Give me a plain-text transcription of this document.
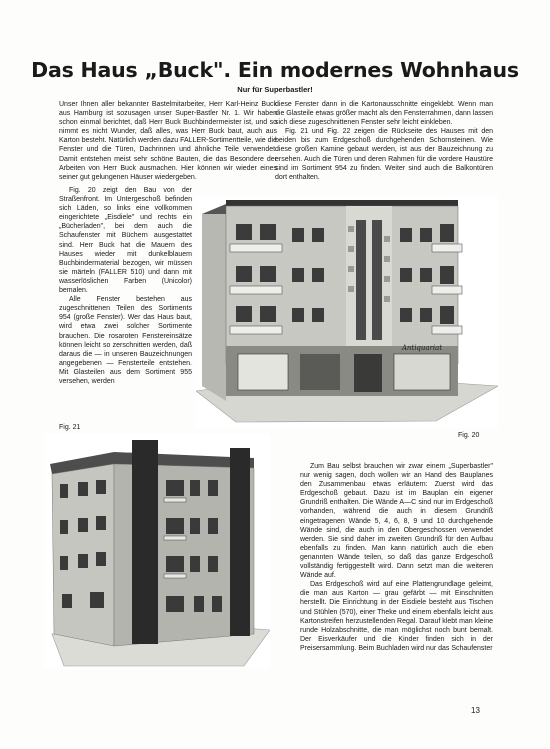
Das Haus „Buck". Ein modernes Wohnhaus
Nur für Superbastler!

Unser Ihnen aller bekannter Bastelmitarbeiter, Herr Karl-Heinz Buck aus Hamburg ist sozusagen unser Super-Bastler Nr. 1. Wir haben schon einmal berichtet, daß Herr Buck Buchbindermeister ist, und so nimmt es nicht Wunder, daß alles, was Herr Buck baut, auch aus Karton besteht. Natürlich werden dazu FALLER-Sortimentteile, wie die Fenster und die Türen, Dachrinnen und ähnliche Teile verwendet. Damit entstehen meist sehr schöne Bauten, die das Besondere der Arbeiten von Herr Buck ausmachen. Hier können wir wieder eines seiner gut gelungenen Häuser wiedergeben.

Fig. 20 zeigt den Bau von der Straßenfront. Im Untergeschoß befinden sich Läden, so links eine vollkommen eingerichtete „Eisdiele" und rechts ein „Bücherladen", bei dem auch die Schaufenster mit Büchern ausgestattet sind. Herr Buck hat die Mauern des Hauses wieder mit dunkelblauem Buchbindermaterial bezogen, wir müssen sie märteln (FALLER 510) und dann mit wasserlöslichen Farben (Unicolor) bemalen.

Alle Fenster bestehen aus zugeschnittenen Teilen des Sortiments 954 (große Fenster). Wer das Haus baut, wird etwa zwei solcher Sortimente brauchen. Die rosaroten Fenstereinsätze können leicht so zerschnitten werden, daß daraus die — in unseren Bauzeichnungen angegebenen — Fensterteile entstehen. Mit Glasteilen aus dem Sortiment 955 versehen, werden

diese Fenster dann in die Kartonausschnitte eingeklebt. Wenn man die Glasteile etwas größer macht als den Fensterrahmen, dann lassen sich diese zugeschnittenen Fenster sehr leicht einkleben.

Fig. 21 und Fig. 22 zeigen die Rückseite des Hauses mit den beiden bis zum Erdgeschoß durchgehenden Schornsteinen. Wie diese großen Kamine gebaut werden, ist aus der Bauzeichnung zu ersehen. Auch die Türen und deren Rahmen für die vordere Haustüre sind im Sortiment 954 zu finden. Weiter sind auch die Balkontüren dort enthalten.

Antiquariat
Fig. 20
Fig. 21

Zum Bau selbst brauchen wir zwar einem „Superbastler" nur wenig sagen, doch wollen wir an Hand des Bauplanes den Zusammenbau etwas erläutern: Zuerst wird das Erdgeschoß gebaut. Dazu ist im Bauplan ein eigener Grundriß enthalten. Die Wände A—C sind nur im Erdgeschoß vorhanden, während die auch in diesem Grundriß eingetragenen Wände 5, 4, 6, 8, 9 und 10 durchgehende Wände sind, die auch in den Obergeschossen verwendet werden. Sie sind daher im zweiten Grundriß für den Aufbau ebenfalls zu finden. Man kann natürlich auch die eben genannten Wände teilen, so daß das ganze Erdgeschoß vollständig fertiggestellt wird. Dann setzt man die weiteren Wände auf.

Das Erdgeschoß wird auf eine Plattengrundlage geleimt, die man aus Karton — grau gefärbt — mit Einschnitten herstellt. Die Einrichtung in der Eisdiele besteht aus Tischen und Stühlen (570), einer Theke und einem ebenfalls leicht aus Kartonstreifen herzustellenden Regal. Darauf klebt man kleine runde Holzabschnitte, die man möglichst noch bunt bemalt. Der Eisverkäufer und die Kinder finden sich in der Preisersammlung. Beim Buchladen wird nur das Schaufenster

13
